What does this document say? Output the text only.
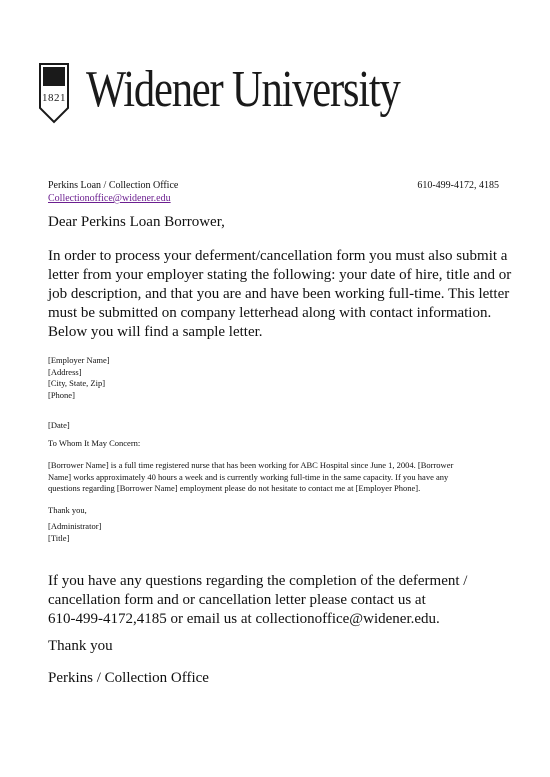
1821 Widener University
Perkins Loan / Collection Office	610-499-4172, 4185
Collectionoffice@widener.edu
Dear Perkins Loan Borrower,
In order to process your deferment/cancellation form you must also submit a
letter from your employer stating the following: your date of hire, title and or
job description, and that you are and have been working full-time. This letter
must be submitted on company letterhead along with contact information.
Below you will find a sample letter.
[Employer Name]
[Address]
[City, State, Zip]
[Phone]
[Date]
To Whom It May Concern:
[Borrower Name] is a full time registered nurse that has been working for ABC Hospital since June 1, 2004. [Borrower
Name] works approximately 40 hours a week and is currently working full-time in the same capacity. If you have any
questions regarding [Borrower Name] employment please do not hesitate to contact me at [Employer Phone].
Thank you,
[Administrator]
[Title]
If you have any questions regarding the completion of the deferment /
cancellation form and or cancellation letter please contact us at
610-499-4172,4185 or email us at collectionoffice@widener.edu.
Thank you
Perkins / Collection Office
